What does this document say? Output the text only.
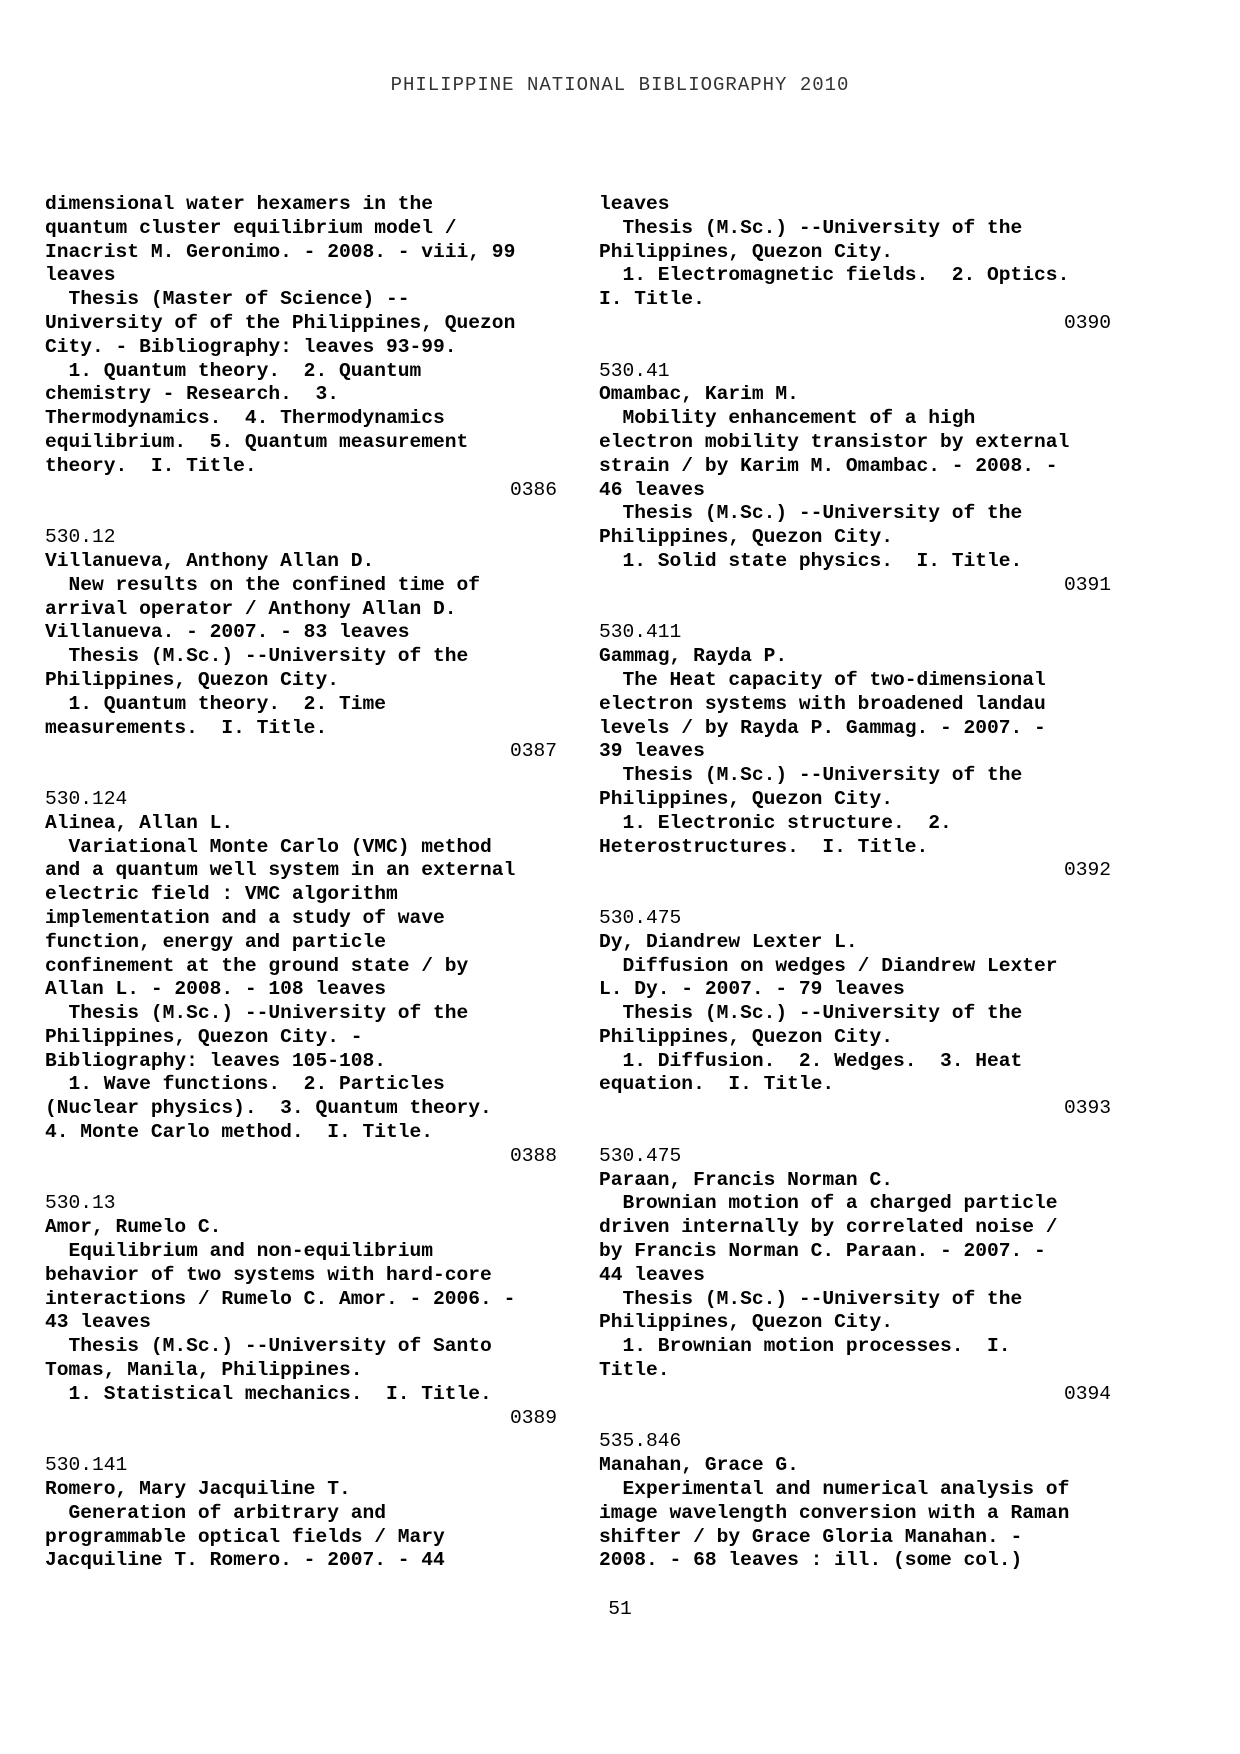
PHILIPPINE NATIONAL BIBLIOGRAPHY 2010
dimensional water hexamers in the
quantum cluster equilibrium model /
Inacrist M. Geronimo. - 2008. - viii, 99
leaves
Thesis (Master of Science) --
University of of the Philippines, Quezon
City. - Bibliography: leaves 93-99.
1. Quantum theory.  2. Quantum
chemistry - Research.  3.
Thermodynamics.  4. Thermodynamics
equilibrium.  5. Quantum measurement
theory.  I. Title.
0386
530.12
Villanueva, Anthony Allan D.
New results on the confined time of
arrival operator / Anthony Allan D.
Villanueva. - 2007. - 83 leaves
Thesis (M.Sc.) --University of the
Philippines, Quezon City.
1. Quantum theory.  2. Time
measurements.  I. Title.
0387
530.124
Alinea, Allan L.
Variational Monte Carlo (VMC) method
and a quantum well system in an external
electric field : VMC algorithm
implementation and a study of wave
function, energy and particle
confinement at the ground state / by
Allan L. - 2008. - 108 leaves
Thesis (M.Sc.) --University of the
Philippines, Quezon City. -
Bibliography: leaves 105-108.
1. Wave functions.  2. Particles
(Nuclear physics).  3. Quantum theory.
4. Monte Carlo method.  I. Title.
0388
530.13
Amor, Rumelo C.
Equilibrium and non-equilibrium
behavior of two systems with hard-core
interactions / Rumelo C. Amor. - 2006. -
43 leaves
Thesis (M.Sc.) --University of Santo
Tomas, Manila, Philippines.
1. Statistical mechanics.  I. Title.
0389
530.141
Romero, Mary Jacquiline T.
Generation of arbitrary and
programmable optical fields / Mary
Jacquiline T. Romero. - 2007. - 44
leaves
Thesis (M.Sc.) --University of the
Philippines, Quezon City.
1. Electromagnetic fields.  2. Optics.
I. Title.
0390
530.41
Omambac, Karim M.
Mobility enhancement of a high
electron mobility transistor by external
strain / by Karim M. Omambac. - 2008. -
46 leaves
Thesis (M.Sc.) --University of the
Philippines, Quezon City.
1. Solid state physics.  I. Title.
0391
530.411
Gammag, Rayda P.
The Heat capacity of two-dimensional
electron systems with broadened landau
levels / by Rayda P. Gammag. - 2007. -
39 leaves
Thesis (M.Sc.) --University of the
Philippines, Quezon City.
1. Electronic structure.  2.
Heterostructures.  I. Title.
0392
530.475
Dy, Diandrew Lexter L.
Diffusion on wedges / Diandrew Lexter
L. Dy. - 2007. - 79 leaves
Thesis (M.Sc.) --University of the
Philippines, Quezon City.
1. Diffusion.  2. Wedges.  3. Heat
equation.  I. Title.
0393
530.475
Paraan, Francis Norman C.
Brownian motion of a charged particle
driven internally by correlated noise /
by Francis Norman C. Paraan. - 2007. -
44 leaves
Thesis (M.Sc.) --University of the
Philippines, Quezon City.
1. Brownian motion processes.  I.
Title.
0394
535.846
Manahan, Grace G.
Experimental and numerical analysis of
image wavelength conversion with a Raman
shifter / by Grace Gloria Manahan. -
2008. - 68 leaves : ill. (some col.)
51
